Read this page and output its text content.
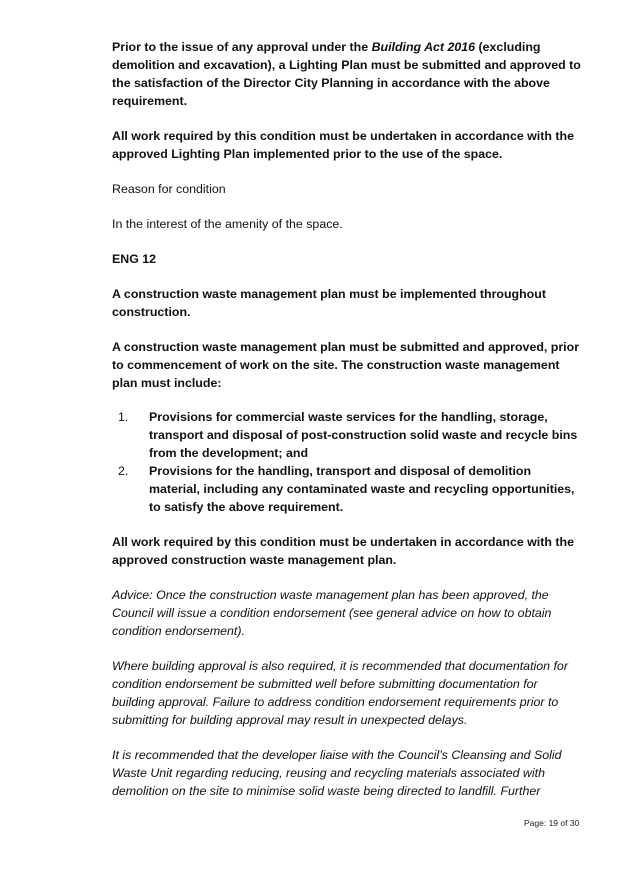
Prior to the issue of any approval under the Building Act 2016 (excluding demolition and excavation), a Lighting Plan must be submitted and approved to the satisfaction of the Director City Planning in accordance with the above requirement.

All work required by this condition must be undertaken in accordance with the approved Lighting Plan implemented prior to the use of the space.

Reason for condition

In the interest of the amenity of the space.

ENG 12

A construction waste management plan must be implemented throughout construction.

A construction waste management plan must be submitted and approved, prior to commencement of work on the site. The construction waste management plan must include:

1. Provisions for commercial waste services for the handling, storage, transport and disposal of post-construction solid waste and recycle bins from the development; and
2. Provisions for the handling, transport and disposal of demolition material, including any contaminated waste and recycling opportunities, to satisfy the above requirement.

All work required by this condition must be undertaken in accordance with the approved construction waste management plan.

Advice: Once the construction waste management plan has been approved, the Council will issue a condition endorsement (see general advice on how to obtain condition endorsement).

Where building approval is also required, it is recommended that documentation for condition endorsement be submitted well before submitting documentation for building approval. Failure to address condition endorsement requirements prior to submitting for building approval may result in unexpected delays.

It is recommended that the developer liaise with the Council’s Cleansing and Solid Waste Unit regarding reducing, reusing and recycling materials associated with demolition on the site to minimise solid waste being directed to landfill. Further

Page: 19 of 30
